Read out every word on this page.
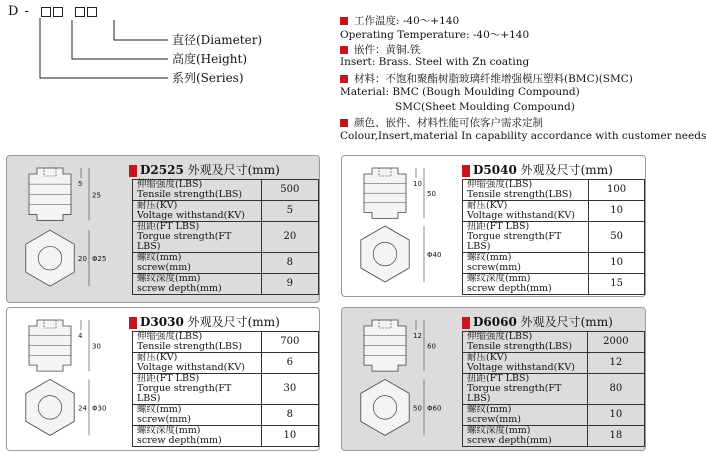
D -
直径(Diameter)
高度(Height)
系列(Series)
工作温度: -40～+140
Operating Temperature: -40～+140
嵌件：黄铜.铁
Insert: Brass. Steel with Zn coating
材料：不饱和聚酯树脂玻璃纤维增强模压塑料(BMC)(SMC)
Material: BMC (Bough Moulding Compound)
SMC(Sheet Moulding Compound)
颜色、嵌件、材料性能可依客户需求定制
Colour,Insert,material In capability accordance with customer needs
5
25
20 Φ25
D2525 外观及尺寸(mm)
伸缩强度(LBS)
Tensile strength(LBS)	500

耐压(KV)
Voltage withstand(KV)	5

扭距(FT LBS)
Torgue strength(FT LBS)	20

螺纹(mm)
screw(mm)	8

螺纹深度(mm)
screw depth(mm)	9
10
50
Φ40
D5040 外观及尺寸(mm)
伸缩强度(LBS)
Tensile strength(LBS)	100

耐压(KV)
Voltage withstand(KV)	10

扭距(FT LBS)
Torgue strength(FT LBS)	50

螺纹(mm)
screw(mm)	10

螺纹深度(mm)
screw depth(mm)	15
4
30
24 Φ30
D3030 外观及尺寸(mm)
伸缩强度(LBS)
Tensile strength(LBS)	700

耐压(KV)
Voltage withstand(KV)	6

扭距(FT LBS)
Torgue strength(FT LBS)	30

螺纹(mm)
screw(mm)	8

螺纹深度(mm)
screw depth(mm)	10
12
60
50 Φ60
D6060 外观及尺寸(mm)
伸缩强度(LBS)
Tensile strength(LBS)	2000

耐压(KV)
Voltage withstand(KV)	12

扭距(FT LBS)
Torgue strength(FT LBS)	80

螺纹(mm)
screw(mm)	10

螺纹深度(mm)
screw depth(mm)	18
